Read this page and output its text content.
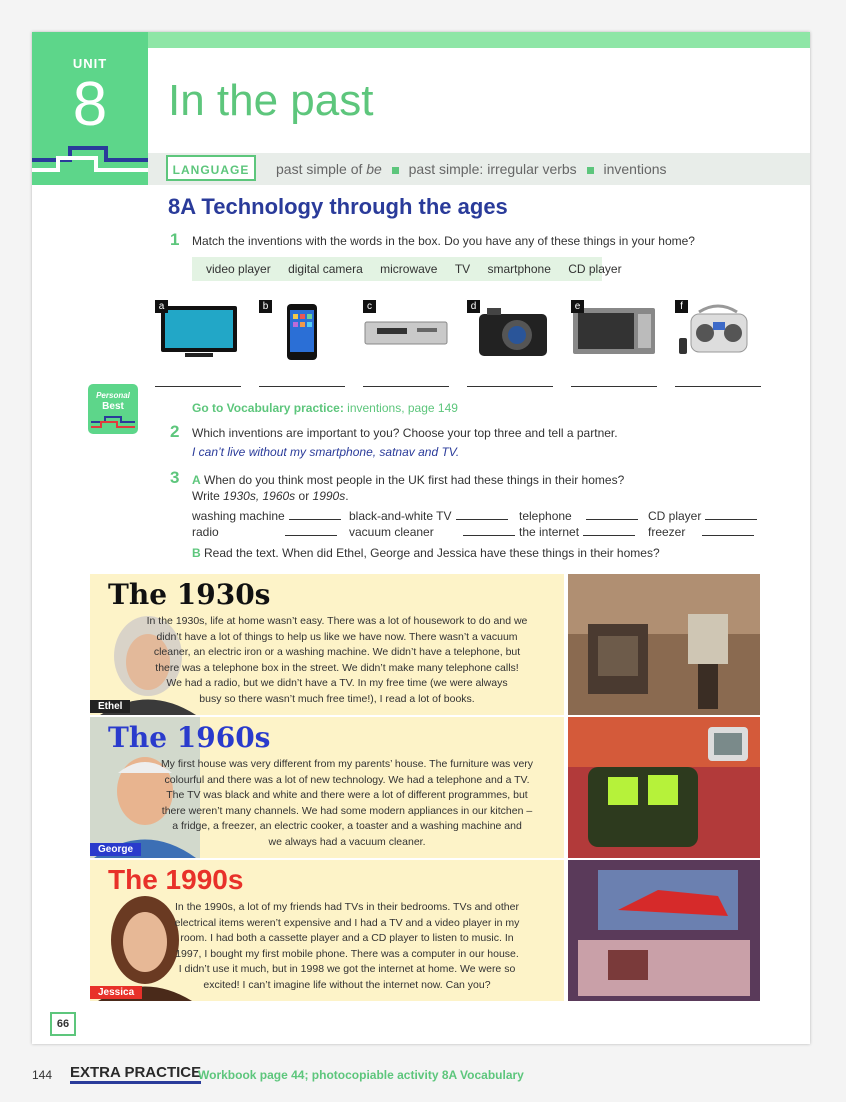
UNIT
8	In the past
LANGUAGE	past simple of be past simple: irregular verbs inventions
8A Technology through the ages
1 Match the inventions with the words in the box. Do you have any of these things in your home?
video player digital camera microwave TV smartphone CD player
a	b	c	d	e	f
Personal
Best	Go to Vocabulary practice: inventions, page 149
2 Which inventions are important to you? Choose your top three and tell a partner.
I can’t live without my smartphone, satnav and TV.
3 A When do you think most people in the UK first had these things in their homes?
Write 1930s, 1960s or 1990s.
washing machine	black-and-white TV	telephone	CD player
radio	vacuum cleaner	the internet	freezer
B Read the text. When did Ethel, George and Jessica have these things in their homes?
Ethel
The 1930s
In the 1930s, life at home wasn’t easy. There was a lot of housework to do and we
didn’t have a lot of things to help us like we have now. There wasn’t a vacuum
cleaner, an electric iron or a washing machine. We didn’t have a telephone, but
there was a telephone box in the street. We didn’t make many telephone calls!
We had a radio, but we didn’t have a TV. In my free time (we were always
busy so there wasn’t much free time!), I read a lot of books.
George
The 1960s
My first house was very different from my parents’ house. The furniture was very
colourful and there was a lot of new technology. We had a telephone and a TV.
The TV was black and white and there were a lot of different programmes, but
there weren’t many channels. We had some modern appliances in our kitchen –
a fridge, a freezer, an electric cooker, a toaster and a washing machine and
we always had a vacuum cleaner.
Jessica
The 1990s
In the 1990s, a lot of my friends had TVs in their bedrooms. TVs and other
electrical items weren’t expensive and I had a TV and a video player in my
room. I had both a cassette player and a CD player to listen to music. In
1997, I bought my first mobile phone. There was a computer in our house.
I didn’t use it much, but in 1998 we got the internet at home. We were so
excited! I can’t imagine life without the internet now. Can you?
66
144 EXTRA PRACTICE
Workbook page 44; photocopiable activity 8A Vocabulary
